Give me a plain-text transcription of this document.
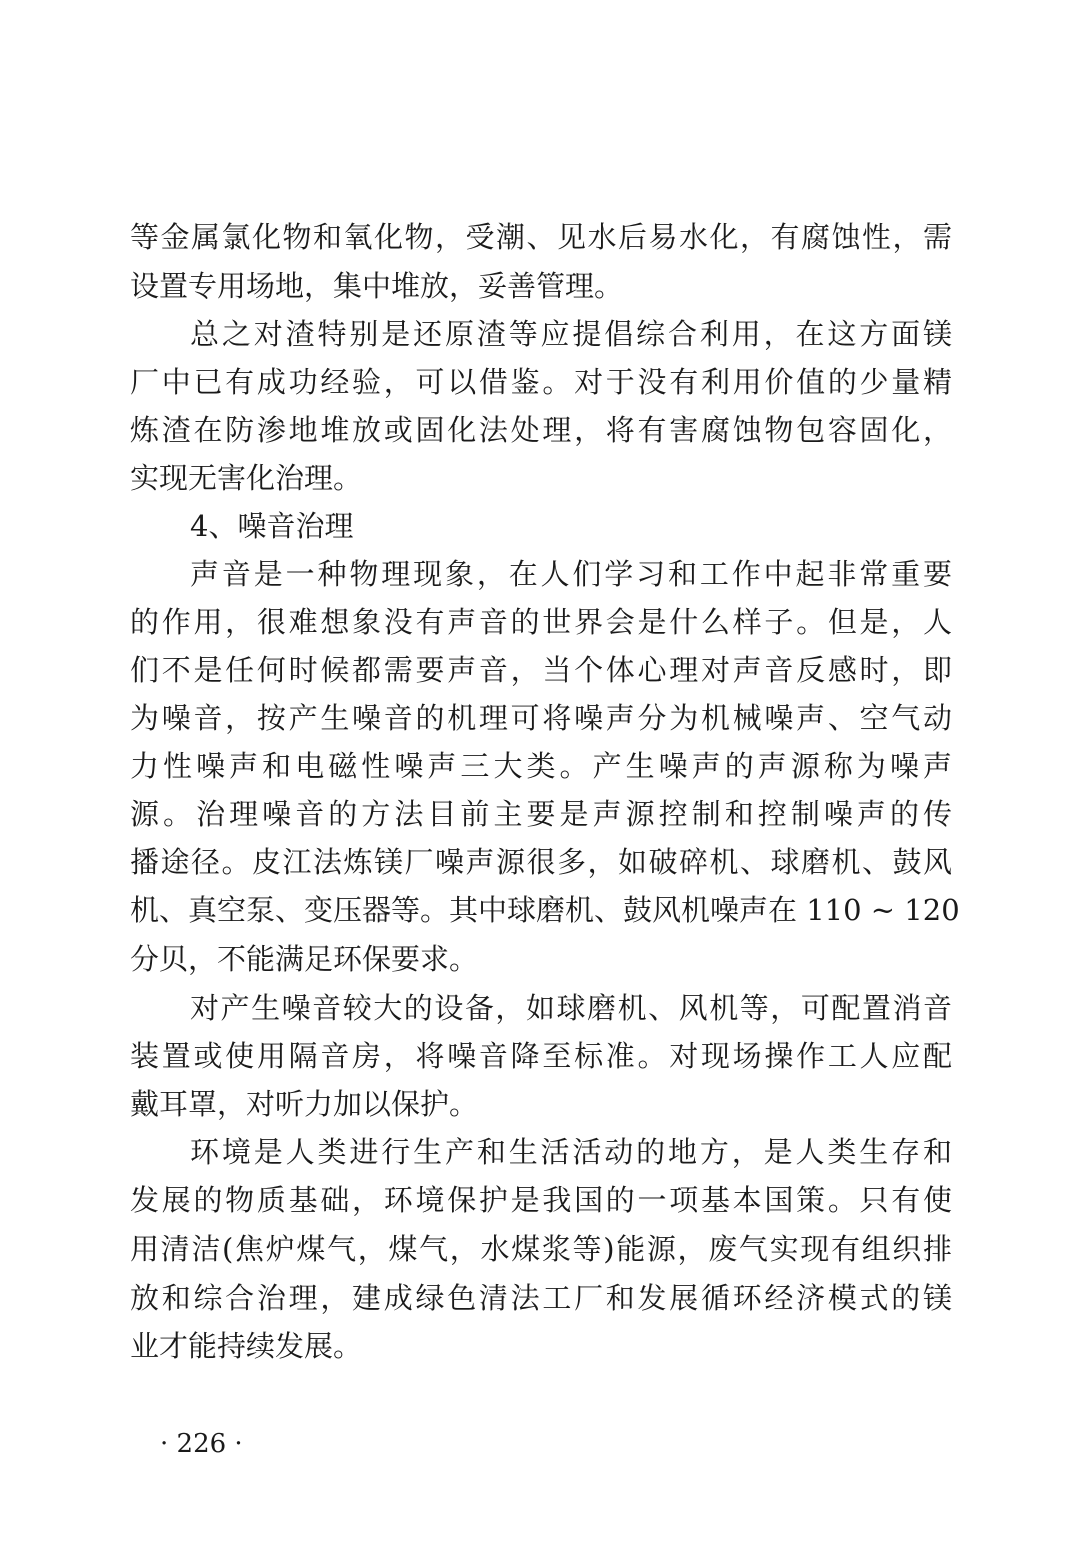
等金属氯化物和氧化物，受潮、见水后易水化，有腐蚀性，需
设置专用场地，集中堆放，妥善管理。
总之对渣特别是还原渣等应提倡综合利用，在这方面镁
厂中已有成功经验，可以借鉴。对于没有利用价值的少量精
炼渣在防渗地堆放或固化法处理，将有害腐蚀物包容固化，
实现无害化治理。
4、噪音治理
声音是一种物理现象，在人们学习和工作中起非常重要
的作用，很难想象没有声音的世界会是什么样子。但是，人
们不是任何时候都需要声音，当个体心理对声音反感时，即
为噪音，按产生噪音的机理可将噪声分为机械噪声、空气动
力性噪声和电磁性噪声三大类。产生噪声的声源称为噪声
源。治理噪音的方法目前主要是声源控制和控制噪声的传
播途径。皮江法炼镁厂噪声源很多，如破碎机、球磨机、鼓风
机、真空泵、变压器等。其中球磨机、鼓风机噪声在 110 ~ 120
分贝，不能满足环保要求。
对产生噪音较大的设备，如球磨机、风机等，可配置消音
装置或使用隔音房，将噪音降至标准。对现场操作工人应配
戴耳罩，对听力加以保护。
环境是人类进行生产和生活活动的地方，是人类生存和
发展的物质基础，环境保护是我国的一项基本国策。只有使
用清洁(焦炉煤气，煤气，水煤浆等)能源，废气实现有组织排
放和综合治理，建成绿色清法工厂和发展循环经济模式的镁
业才能持续发展。
· 226 ·
